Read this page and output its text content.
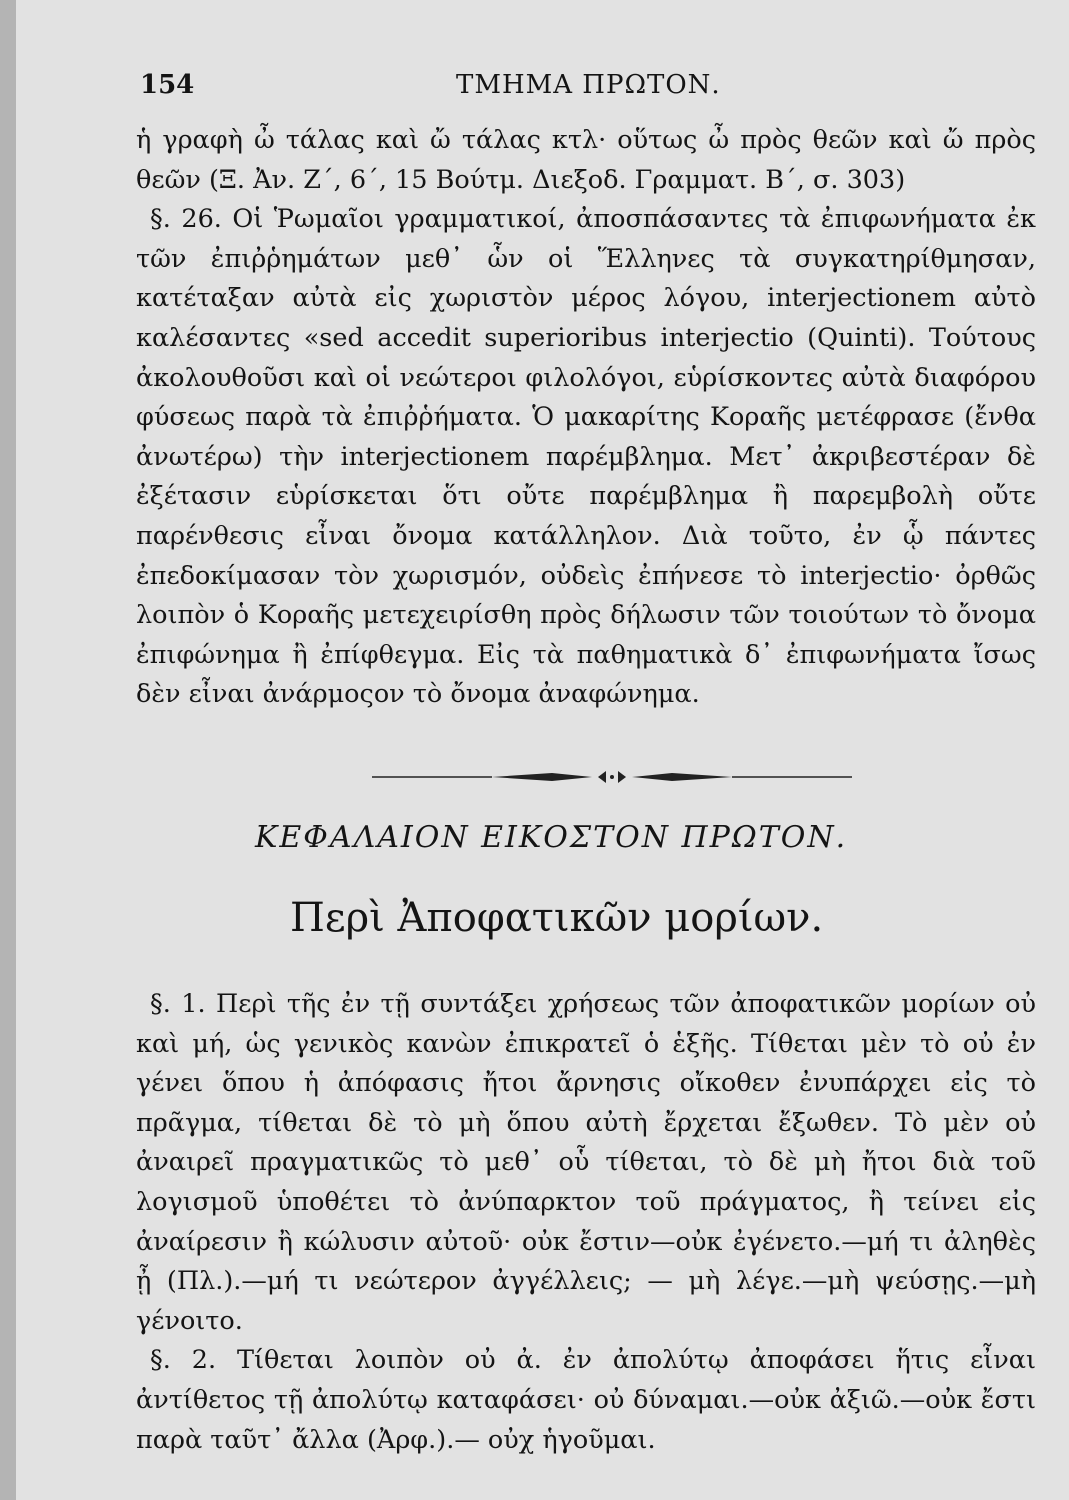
154	ΤΜΗΜΑ ΠΡΩΤΟΝ.

ἡ γραφὴ ὦ τάλας καὶ ὤ τάλας κτλ· οὕτως ὦ πρὸς θεῶν καὶ ὤ πρὸς θεῶν (Ξ. Ἀν. Ζ΄, 6΄, 15 Βούτμ. Διεξοδ. Γραμματ. Β΄, σ. 303)

§. 26. Οἱ Ῥωμαῖοι γραμματικοί, ἀποσπάσαντες τὰ ἐπιφωνήματα ἐκ τῶν ἐπιῤῥημάτων μεθ᾽ ὧν οἱ Ἕλληνες τὰ συγκατηρίθμησαν, κατέταξαν αὐτὰ εἰς χωριστὸν μέρος λόγου, interjectionem αὐτὸ καλέσαντες «sed accedit superioribus interjectio (Quinti). Τούτους ἀκολουθοῦσι καὶ οἱ νεώτεροι φιλολόγοι, εὑρίσκοντες αὐτὰ διαφόρου φύσεως παρὰ τὰ ἐπιῤῥήματα. Ὁ μακαρίτης Κοραῆς μετέφρασε (ἔνθα ἀνωτέρω) τὴν interjectionem παρέμβλημα. Μετ᾽ ἀκριβεστέραν δὲ ἐξέτασιν εὑρίσκεται ὅτι οὔτε παρέμβλημα ἢ παρεμβολὴ οὔτε παρένθεσις εἶναι ὄνομα κατάλληλον. Διὰ τοῦτο, ἐν ᾧ πάντες ἐπεδοκίμασαν τὸν χωρισμόν, οὐδεὶς ἐπήνεσε τὸ interjectio· ὀρθῶς λοιπὸν ὁ Κοραῆς μετεχειρίσθη πρὸς δήλωσιν τῶν τοιούτων τὸ ὄνομα ἐπιφώνημα ἢ ἐπίφθεγμα. Εἰς τὰ παθηματικὰ δ᾽ ἐπιφωνήματα ἴσως δὲν εἶναι ἀνάρμοςον τὸ ὄνομα ἀναφώνημα.

ΚΕΦΑΛΑΙΟΝ ΕΙΚΟΣΤΟΝ ΠΡΩΤΟΝ.
Περὶ Ἀποφατικῶν μορίων.

§. 1. Περὶ τῆς ἐν τῇ συντάξει χρήσεως τῶν ἀποφατικῶν μορίων οὐ καὶ μή, ὡς γενικὸς κανὼν ἐπικρατεῖ ὁ ἑξῆς. Τίθεται μὲν τὸ οὐ ἐν γένει ὅπου ἡ ἀπόφασις ἤτοι ἄρνησις οἴκοθεν ἐνυπάρχει εἰς τὸ πρᾶγμα, τίθεται δὲ τὸ μὴ ὅπου αὐτὴ ἔρχεται ἔξωθεν. Τὸ μὲν οὐ ἀναιρεῖ πραγματικῶς τὸ μεθ᾽ οὗ τίθεται, τὸ δὲ μὴ ἤτοι διὰ τοῦ λογισμοῦ ὑποθέτει τὸ ἀνύπαρκτον τοῦ πράγματος, ἢ τείνει εἰς ἀναίρεσιν ἢ κώλυσιν αὐτοῦ· οὐκ ἔστιν—οὐκ ἐγένετο.—μή τι ἀληθὲς ᾖ (Πλ.).—μή τι νεώτερον ἀγγέλλεις; — μὴ λέγε.—μὴ ψεύσῃς.—μὴ γένοιτο.

§. 2. Τίθεται λοιπὸν οὐ ἀ. ἐν ἀπολύτῳ ἀποφάσει ἥτις εἶναι ἀντίθετος τῇ ἀπολύτῳ καταφάσει· οὐ δύναμαι.—οὐκ ἀξιῶ.—οὐκ ἔστι παρὰ ταῦτ᾽ ἄλλα (Ἀρφ.).— οὐχ ἡγοῦμαι.
